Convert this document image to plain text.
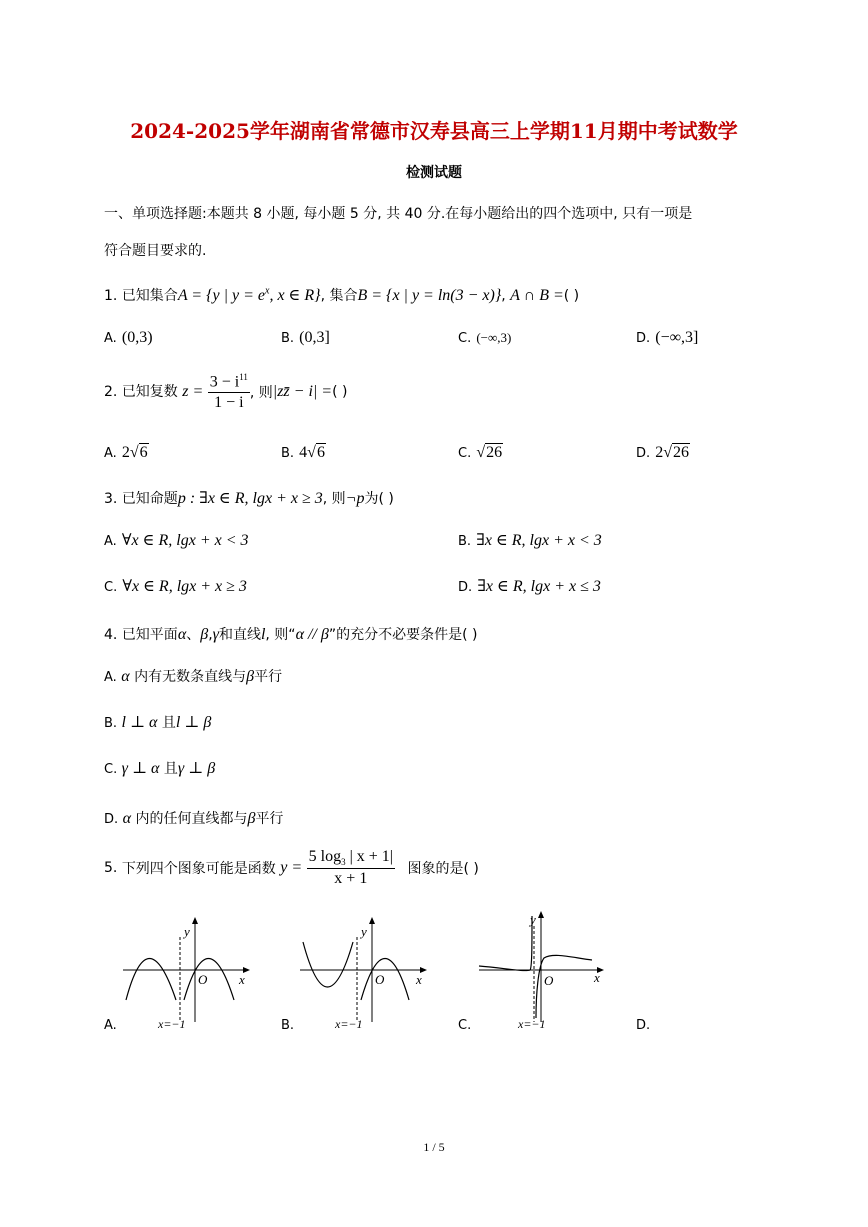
2024-2025学年湖南省常德市汉寿县高三上学期11月期中考试数学
检测试题
一、单项选择题:本题共 8 小题, 每小题 5 分, 共 40 分.在每小题给出的四个选项中, 只有一项是
符合题目要求的.
1. 已知集合A = {y | $y = e^x$, x ∈ R}, 集合B = {x | y = ln(3 − x)}, A ∩ B =( )
A. (0,3)	B. (0,3]	C. (−∞,3)	D. (−∞,3]
2. 已知复数 $z = \frac{3 - i^{11}}{1 - i}$ , 则|zz̄ − i| =( )
A. 2√6	B. 4√6	C. √26	D. 2√26
3. 已知命题p : ∃x ∈ R, lgx + x ≥ 3, 则¬p为( )
A. ∀x ∈ R, lgx + x < 3	B. ∃x ∈ R, lgx + x < 3
C. ∀x ∈ R, lgx + x ≥ 3	D. ∃x ∈ R, lgx + x ≤ 3
4. 已知平面α、β,γ和直线l, 则“α // β”的充分不必要条件是( )
A. α 内有无数条直线与β平行
B. l ⊥ α 且l ⊥ β
C. γ ⊥ α 且γ ⊥ β
D. α 内的任何直线都与β平行
5. 下列四个图象可能是函数 $y = \frac{5 \log_3 | x + 1|}{x + 1}$ 图象的是( )
y
x
O
x=−1
A.
y
x
O
x=−1
B.
y
x
O
x=−1
C.	D.
1 / 5
